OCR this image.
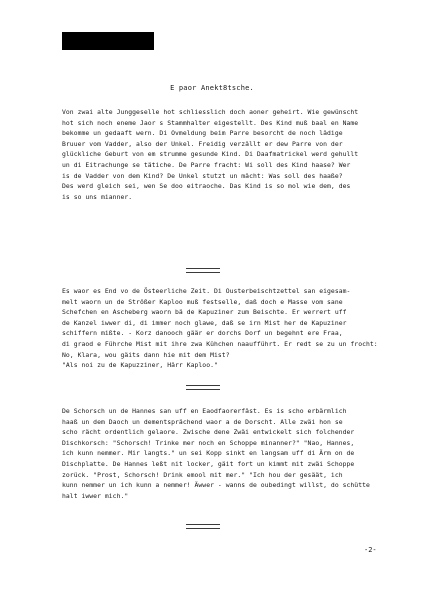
E paor Anekt8tsche.
Von zwai alte Junggeselle hot schliesslich doch aoner geheirt. Wie gewünscht
hot sich noch eneme Jaor s Stammhalter eigestellt. Des Kind muß baal en Name
bekomme un gedaaft wern. Di Ovmeldung beim Parre besorcht de noch lädige
Bruuer vom Vadder, also der Unkel. Freidig verzällt er dew Parre von der
glückliche Geburt von em strumme gesunde Kind. Di Daafmatrickel werd gehullt
un di Eitrachunge se tätiche. De Parre fracht: Wi soll des Kind haase? Wer
is de Vadder von dem Kind? De Unkel stutzt un mächt: Was soll des haaße?
Des werd gleich sei, wen Se doo eitraoche. Das Kind is so mol wie dem, des
is so uns mianner.
Es waor es End vo de Östeerliche Zeit. Di Ousterbeischtzettel san eigesam-
melt waorn un de Strößer Kaploo muß festselle, daß doch e Masse vom sane
Schefchen en Ascheberg waorn bä de Kapuziner zum Beischte. Er werrert uff
de Kanzel iwwer di, di immer noch glawe, daß se irn Mist her de Kapuziner
schiffern mißte. - Korz danooch gäär er dorchs Dorf un begehnt ere Fraa,
di graod e Führche Mist mit ihre zwa Kühchen naaufführt. Er redt se zu un frocht:
No, Klara, wou gäits dann hie mit dem Mist?
"Als noi zu de Kapuzziner, Härr Kaploo."
De Schorsch un de Hannes san uff en Eaodfaorerfäst. Es is scho erbärmlich
haaß un dem Daoch un dementsprächend waor a de Dorscht. Alle zwäi hon se
scho rächt ordentlich gelaore. Zwische dene Zwäi entwickelt sich folchender
Dischkorsch: "Schorsch! Trinke mer noch en Schoppe minanner?" "Nao, Hannes,
ich kunn nemmer. Mir langts." un sei Kopp sinkt en langsam uff di Ärm on de
Dischplatte. De Hannes leßt nit locker, gäit fort un kimmt mit zwäi Schoppe
zorück. "Prost, Schorsch! Drink emool mit mer." "Ich hou der gesäät, ich
kunn nemmer un ich kunn a nemmer! Äwwer - wanns de oubedingt willst, do schütte
halt iwwer mich."
-2-
